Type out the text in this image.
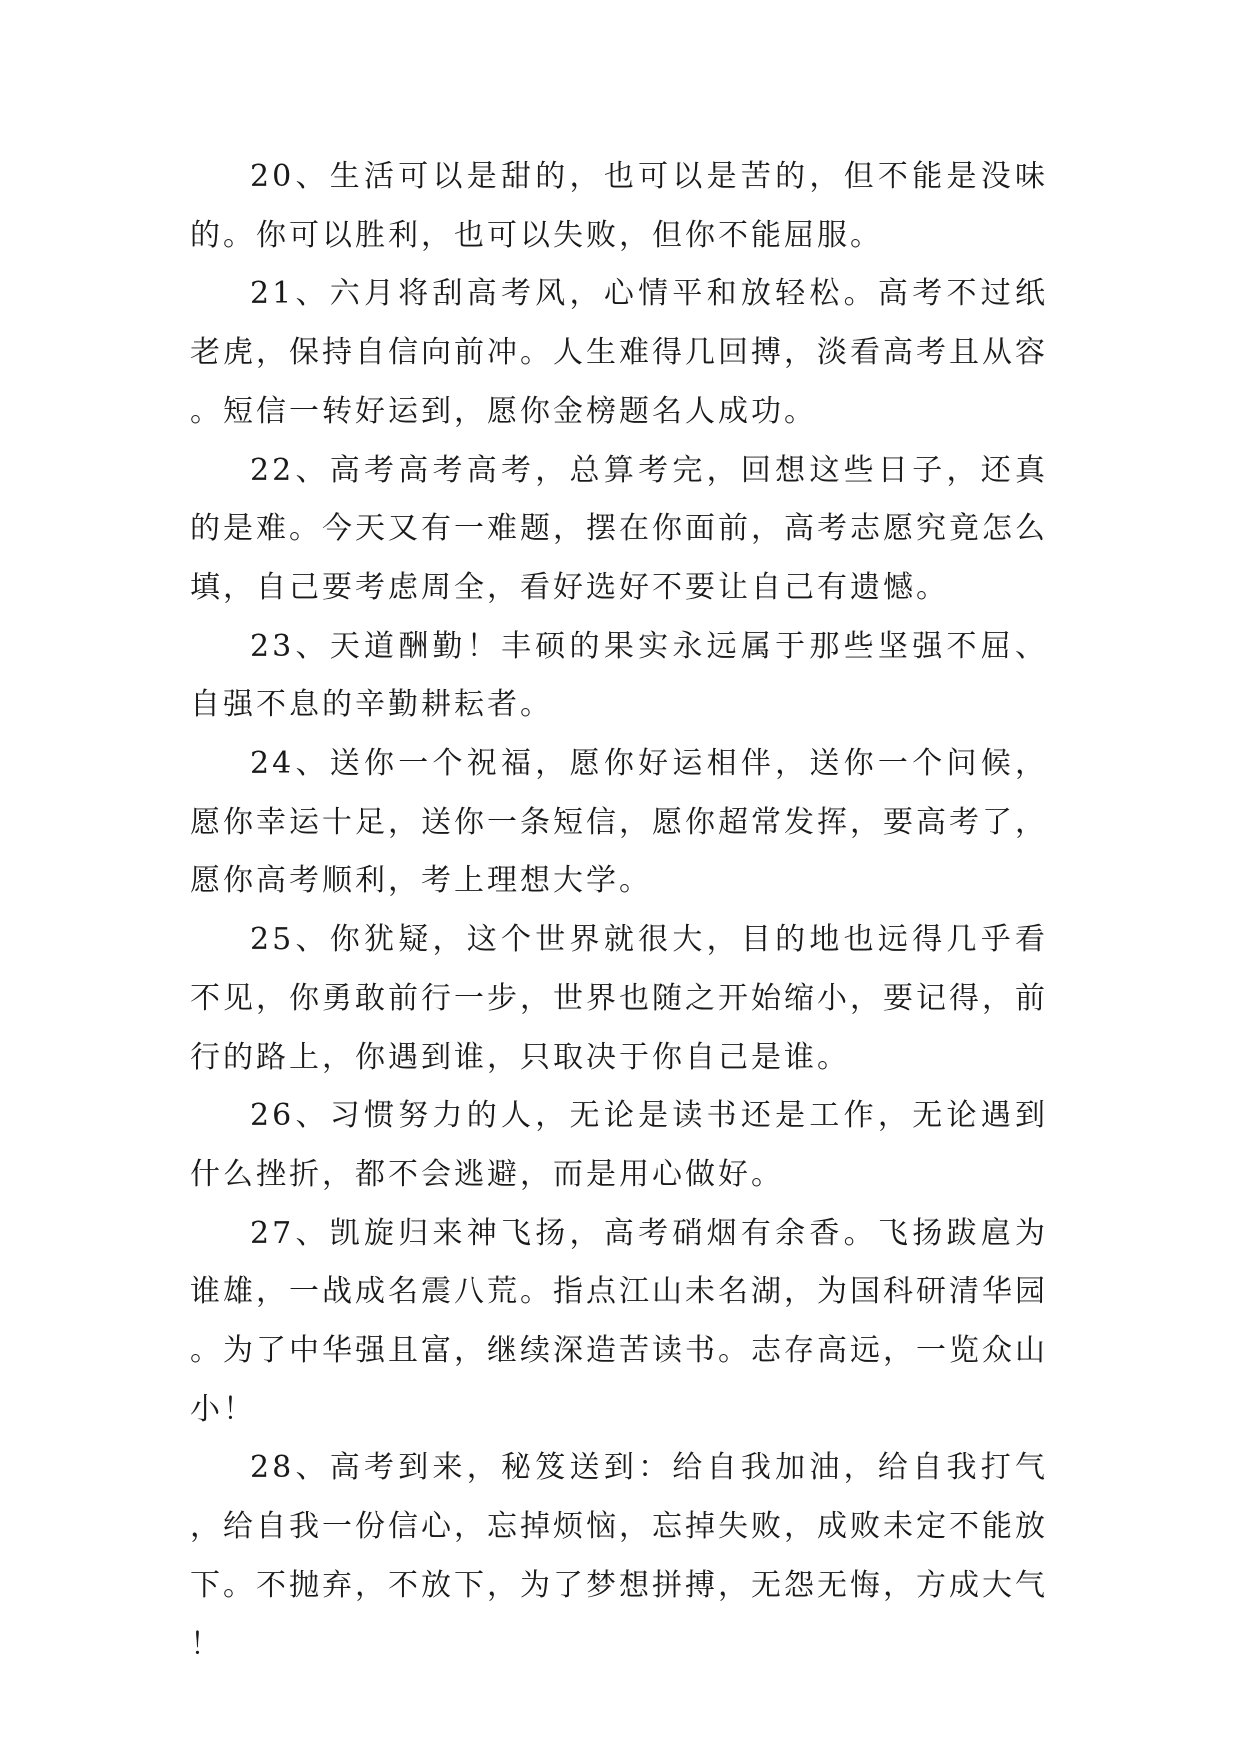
20、生活可以是甜的，也可以是苦的，但不能是没味的。你可以胜利，也可以失败，但你不能屈服。

21、六月将刮高考风，心情平和放轻松。高考不过纸老虎，保持自信向前冲。人生难得几回搏，淡看高考且从容。短信一转好运到，愿你金榜题名人成功。

22、高考高考高考，总算考完，回想这些日子，还真的是难。今天又有一难题，摆在你面前，高考志愿究竟怎么填，自己要考虑周全，看好选好不要让自己有遗憾。

23、天道酬勤！丰硕的果实永远属于那些坚强不屈、自强不息的辛勤耕耘者。

24、送你一个祝福，愿你好运相伴，送你一个问候，愿你幸运十足，送你一条短信，愿你超常发挥，要高考了，愿你高考顺利，考上理想大学。

25、你犹疑，这个世界就很大，目的地也远得几乎看不见，你勇敢前行一步，世界也随之开始缩小，要记得，前行的路上，你遇到谁，只取决于你自己是谁。

26、习惯努力的人，无论是读书还是工作，无论遇到什么挫折，都不会逃避，而是用心做好。

27、凯旋归来神飞扬，高考硝烟有余香。飞扬跋扈为谁雄，一战成名震八荒。指点江山未名湖，为国科研清华园。为了中华强且富，继续深造苦读书。志存高远，一览众山小！

28、高考到来，秘笈送到：给自我加油，给自我打气，给自我一份信心，忘掉烦恼，忘掉失败，成败未定不能放下。不抛弃，不放下，为了梦想拼搏，无怨无悔，方成大气！
